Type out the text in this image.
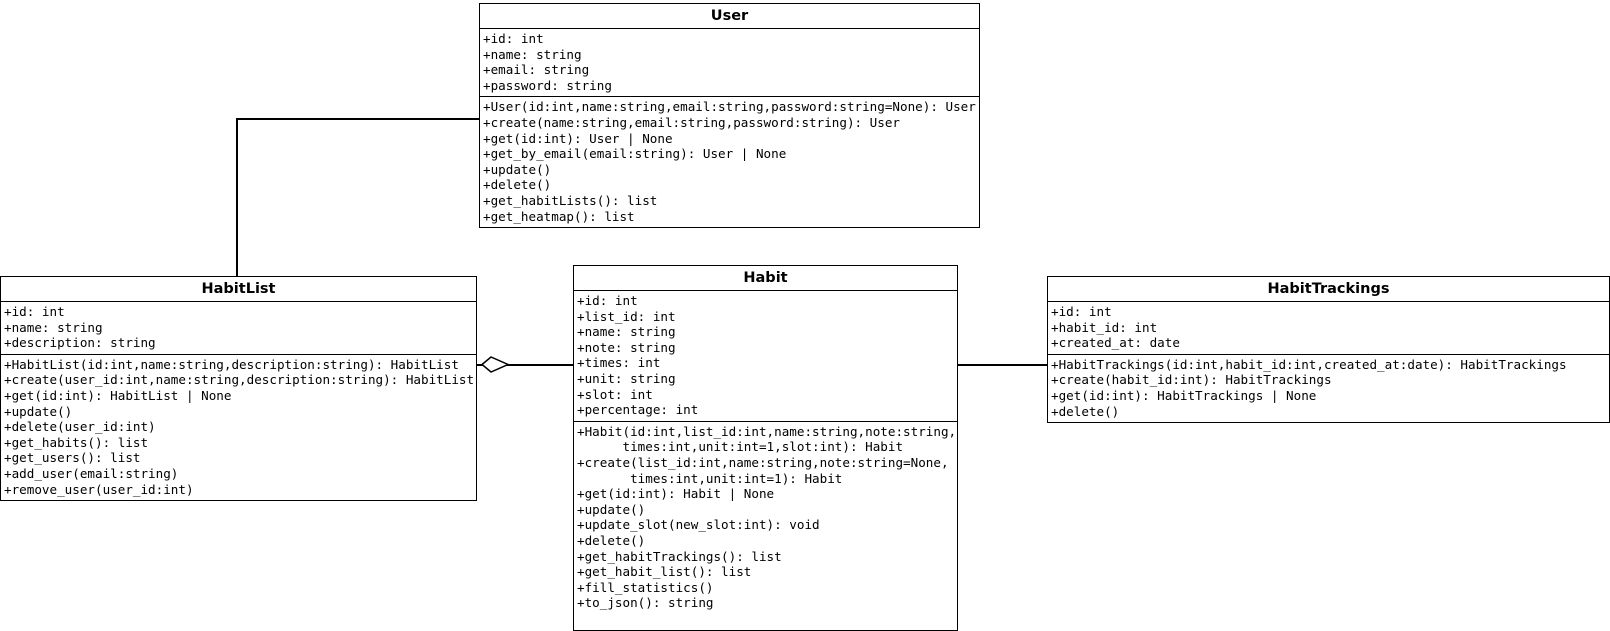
User
+id: int
+name: string
+email: string
+password: string
+User(id:int,name:string,email:string,password:string=None): User
+create(name:string,email:string,password:string): User
+get(id:int): User | None
+get_by_email(email:string): User | None
+update()
+delete()
+get_habitLists(): list
+get_heatmap(): list
HabitList
+id: int
+name: string
+description: string
+HabitList(id:int,name:string,description:string): HabitList
+create(user_id:int,name:string,description:string): HabitList
+get(id:int): HabitList | None
+update()
+delete(user_id:int)
+get_habits(): list
+get_users(): list
+add_user(email:string)
+remove_user(user_id:int)
Habit
+id: int
+list_id: int
+name: string
+note: string
+times: int
+unit: string
+slot: int
+percentage: int
+Habit(id:int,list_id:int,name:string,note:string,
times:int,unit:int=1,slot:int): Habit
+create(list_id:int,name:string,note:string=None,
times:int,unit:int=1): Habit
+get(id:int): Habit | None
+update()
+update_slot(new_slot:int): void
+delete()
+get_habitTrackings(): list
+get_habit_list(): list
+fill_statistics()
+to_json(): string
HabitTrackings
+id: int
+habit_id: int
+created_at: date
+HabitTrackings(id:int,habit_id:int,created_at:date): HabitTrackings
+create(habit_id:int): HabitTrackings
+get(id:int): HabitTrackings | None
+delete()
